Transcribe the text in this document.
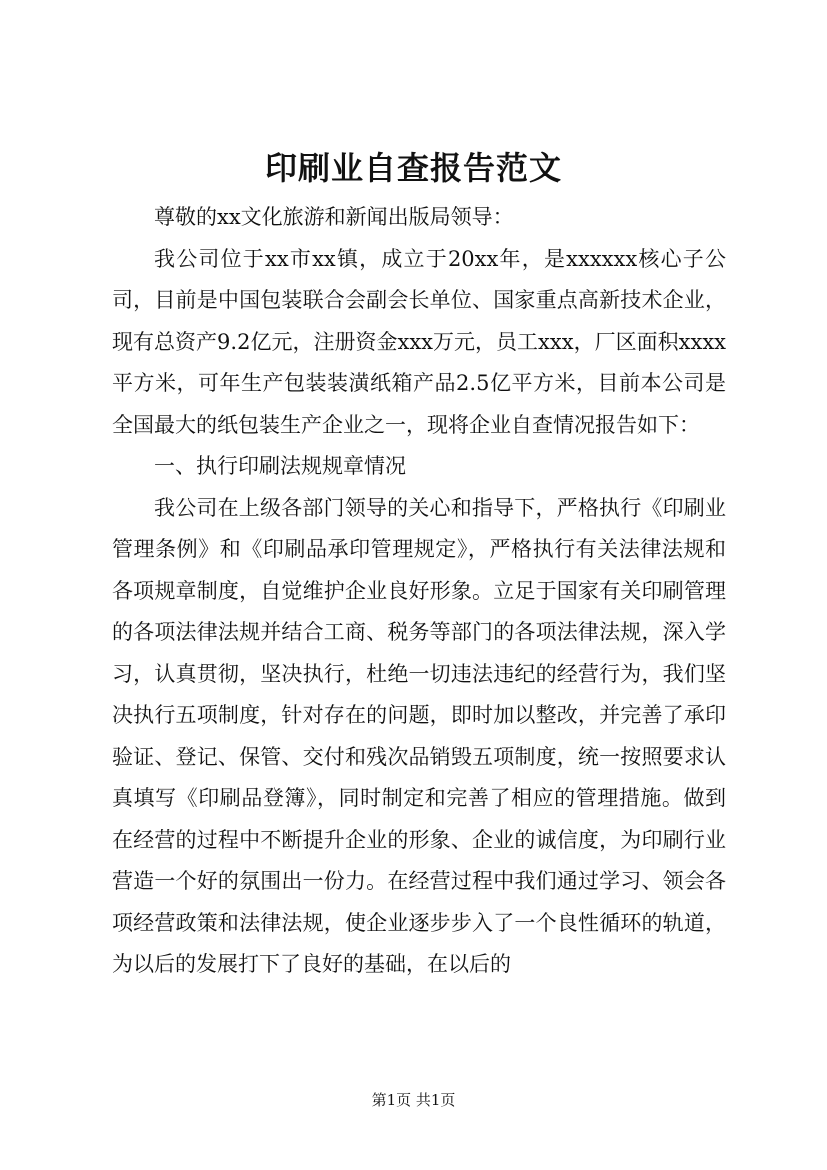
印刷业自查报告范文

尊敬的xx文化旅游和新闻出版局领导：

我公司位于xx市xx镇，成立于20xx年，是xxxxxx核心子公司，目前是中国包装联合会副会长单位、国家重点高新技术企业，现有总资产9.2亿元，注册资金xxx万元，员工xxx，厂区面积xxxx平方米，可年生产包装装潢纸箱产品2.5亿平方米，目前本公司是全国最大的纸包装生产企业之一，现将企业自查情况报告如下：

一、执行印刷法规规章情况

我公司在上级各部门领导的关心和指导下，严格执行《印刷业管理条例》和《印刷品承印管理规定》，严格执行有关法律法规和各项规章制度，自觉维护企业良好形象。立足于国家有关印刷管理的各项法律法规并结合工商、税务等部门的各项法律法规，深入学习，认真贯彻，坚决执行，杜绝一切违法违纪的经营行为，我们坚决执行五项制度，针对存在的问题，即时加以整改，并完善了承印验证、登记、保管、交付和残次品销毁五项制度，统一按照要求认真填写《印刷品登簿》，同时制定和完善了相应的管理措施。做到在经营的过程中不断提升企业的形象、企业的诚信度，为印刷行业营造一个好的氛围出一份力。在经营过程中我们通过学习、领会各项经营政策和法律法规，使企业逐步步入了一个良性循环的轨道，为以后的发展打下了良好的基础，在以后的

第1页 共1页
